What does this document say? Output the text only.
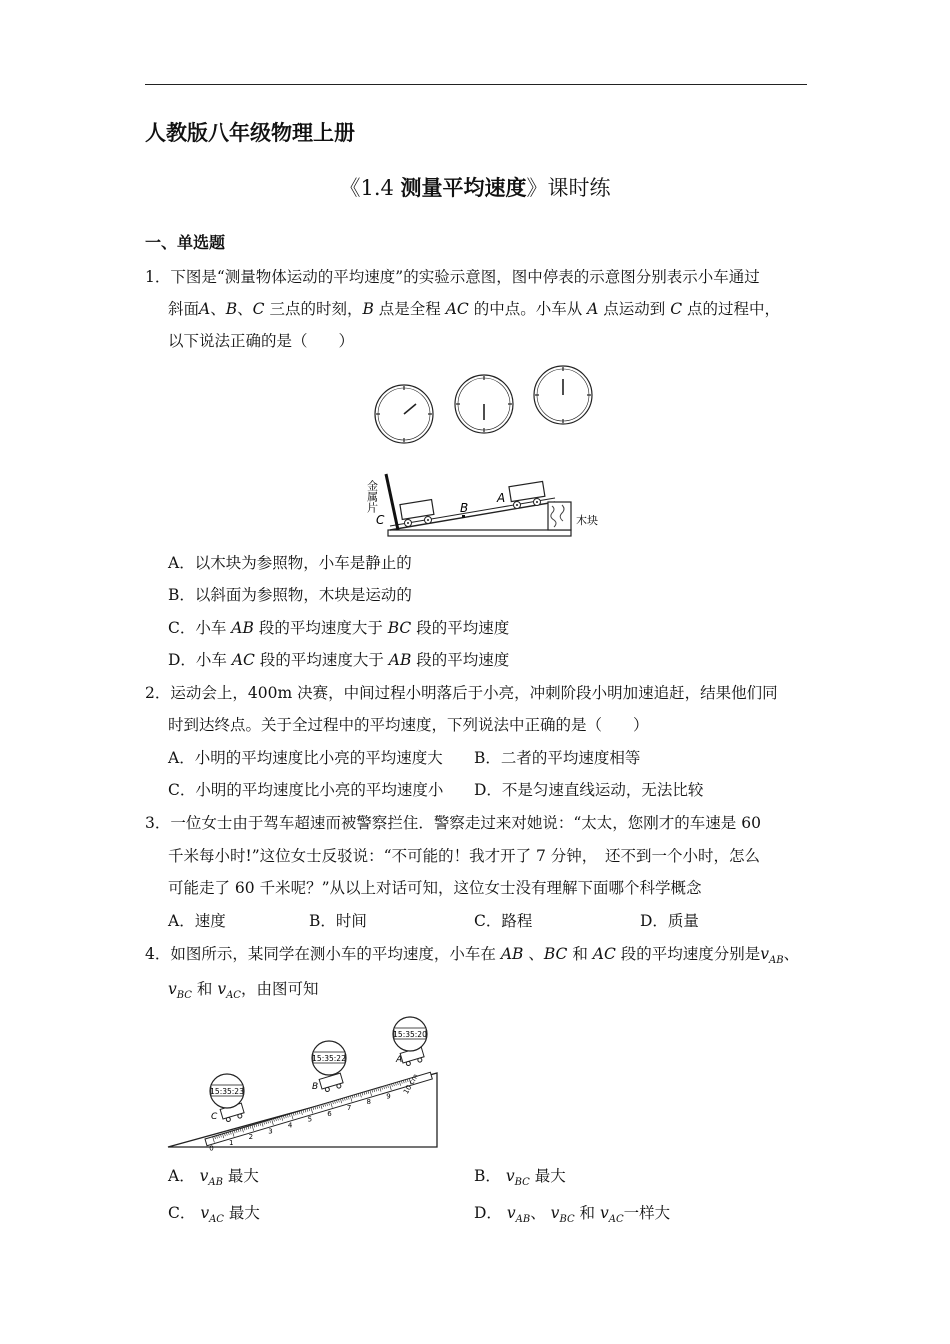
人教版八年级物理上册
《1.4 测量平均速度》课时练
一、单选题
1．下图是“测量物体运动的平均速度”的实验示意图，图中停表的示意图分别表示小车通过
斜面A、B、C 三点的时刻，B 点是全程 AC 的中点。小车从 A 点运动到 C 点的过程中，
以下说法正确的是（　　）
金属片
C
B
A
木块
A．以木块为参照物，小车是静止的
B．以斜面为参照物，木块是运动的
C．小车 AB 段的平均速度大于 BC 段的平均速度
D．小车 AC 段的平均速度大于 AB 段的平均速度
2．运动会上，400m 决赛，中间过程小明落后于小亮，冲刺阶段小明加速追赶，结果他们同
时到达终点。关于全过程中的平均速度，下列说法中正确的是（　　）
A．小明的平均速度比小亮的平均速度大 B．二者的平均速度相等
C．小明的平均速度比小亮的平均速度小 D．不是匀速直线运动，无法比较
3．一位女士由于驾车超速而被警察拦住．警察走过来对她说：“太太，您刚才的车速是 60
千米每小时!”这位女士反驳说：“不可能的！我才开了 7 分钟，　还不到一个小时，怎么
可能走了 60 千米呢？”从以上对话可知，这位女士没有理解下面哪个科学概念
A．速度	B．时间	C．路程	D．质量
4．如图所示，某同学在测小车的平均速度，小车在 AB 、BC 和 AC 段的平均速度分别是$v_{AB}$、
$v_{BC}$ 和 $v_{AC}$，由图可知
15:35:23
15:35:22
15:35:20
C
B
A
0
1
2
3
4
5
6
7
8
9
10 cm
A． $v_{AB}$ 最大	B． $v_{BC}$ 最大
C． $v_{AC}$ 最大	D． $v_{AB}$、 $v_{BC}$ 和 $v_{AC}$一样大
